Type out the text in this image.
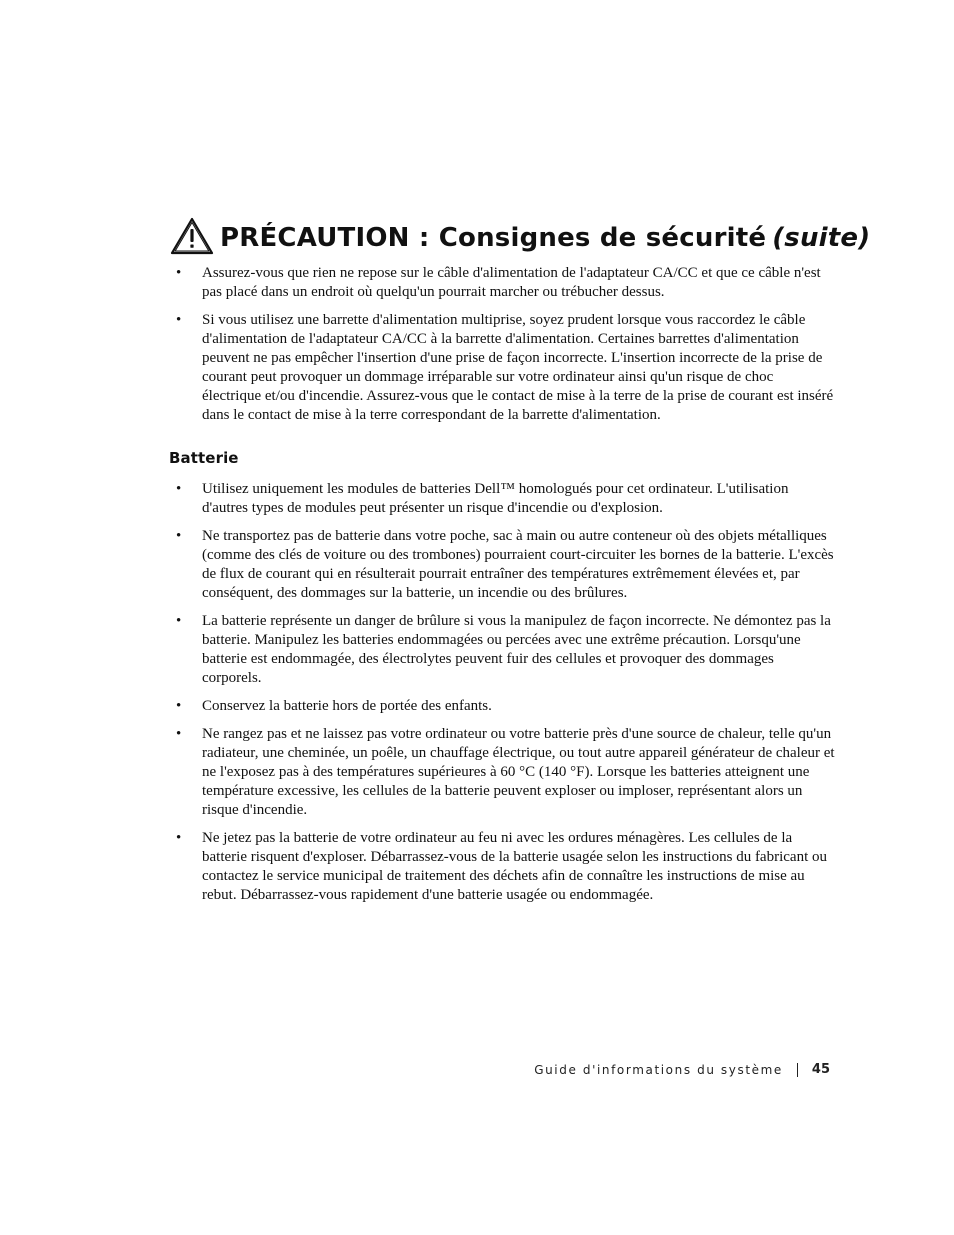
PRÉCAUTION : Consignes de sécurité (suite)
•	Assurez-vous que rien ne repose sur le câble d'alimentation de l'adaptateur CA/CC et que ce câble n'est pas placé dans un endroit où quelqu'un pourrait marcher ou trébucher dessus.
•	Si vous utilisez une barrette d'alimentation multiprise, soyez prudent lorsque vous raccordez le câble d'alimentation de l'adaptateur CA/CC à la barrette d'alimentation. Certaines barrettes d'alimentation peuvent ne pas empêcher l'insertion d'une prise de façon incorrecte. L'insertion incorrecte de la prise de courant peut provoquer un dommage irréparable sur votre ordinateur ainsi qu'un risque de choc électrique et/ou d'incendie. Assurez-vous que le contact de mise à la terre de la prise de courant est inséré dans le contact de mise à la terre correspondant de la barrette d'alimentation.
Batterie
•	Utilisez uniquement les modules de batteries Dell™ homologués pour cet ordinateur. L'utilisation d'autres types de modules peut présenter un risque d'incendie ou d'explosion.
•	Ne transportez pas de batterie dans votre poche, sac à main ou autre conteneur où des objets métalliques (comme des clés de voiture ou des trombones) pourraient court-circuiter les bornes de la batterie. L'excès de flux de courant qui en résulterait pourrait entraîner des températures extrêmement élevées et, par conséquent, des dommages sur la batterie, un incendie ou des brûlures.
•	La batterie représente un danger de brûlure si vous la manipulez de façon incorrecte. Ne démontez pas la batterie. Manipulez les batteries endommagées ou percées avec une extrême précaution. Lorsqu'une batterie est endommagée, des électrolytes peuvent fuir des cellules et provoquer des dommages corporels.
•	Conservez la batterie hors de portée des enfants.
•	Ne rangez pas et ne laissez pas votre ordinateur ou votre batterie près d'une source de chaleur, telle qu'un radiateur, une cheminée, un poêle, un chauffage électrique, ou tout autre appareil générateur de chaleur et ne l'exposez pas à des températures supérieures à 60 °C (140 °F). Lorsque les batteries atteignent une température excessive, les cellules de la batterie peuvent exploser ou imploser, représentant alors un risque d'incendie.
•	Ne jetez pas la batterie de votre ordinateur au feu ni avec les ordures ménagères. Les cellules de la batterie risquent d'exploser. Débarrassez-vous de la batterie usagée selon les instructions du fabricant ou contactez le service municipal de traitement des déchets afin de connaître les instructions de mise au rebut. Débarrassez-vous rapidement d'une batterie usagée ou endommagée.
Guide d'informations du système 45
